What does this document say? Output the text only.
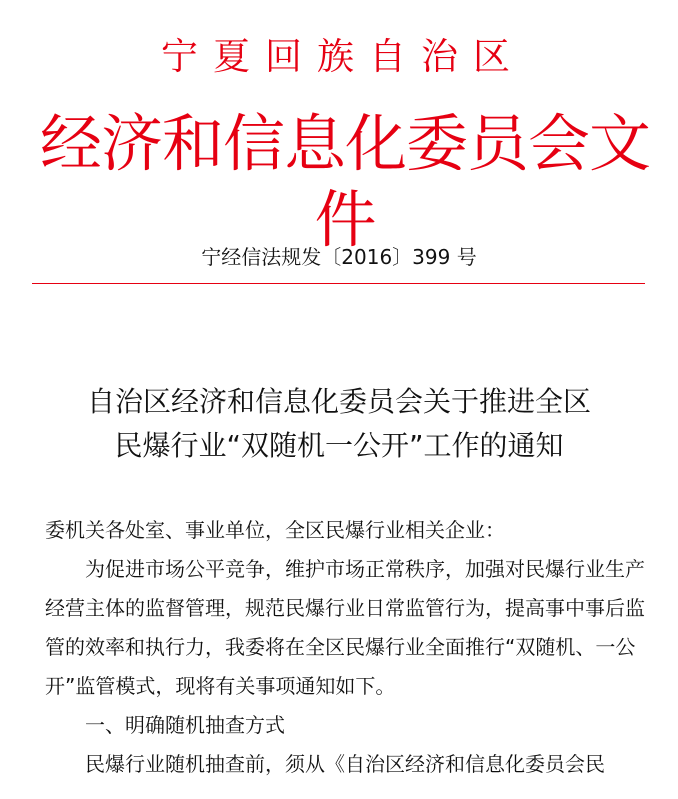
宁夏回族自治区
经济和信息化委员会文件
宁经信法规发〔2016〕399 号
自治区经济和信息化委员会关于推进全区
民爆行业“双随机一公开”工作的通知

委机关各处室、事业单位，全区民爆行业相关企业：

为促进市场公平竞争，维护市场正常秩序，加强对民爆行业生产经营主体的监督管理，规范民爆行业日常监管行为，提高事中事后监管的效率和执行力，我委将在全区民爆行业全面推行“双随机、一公开”监管模式，现将有关事项通知如下。

一、明确随机抽查方式

民爆行业随机抽查前，须从《自治区经济和信息化委员会民
